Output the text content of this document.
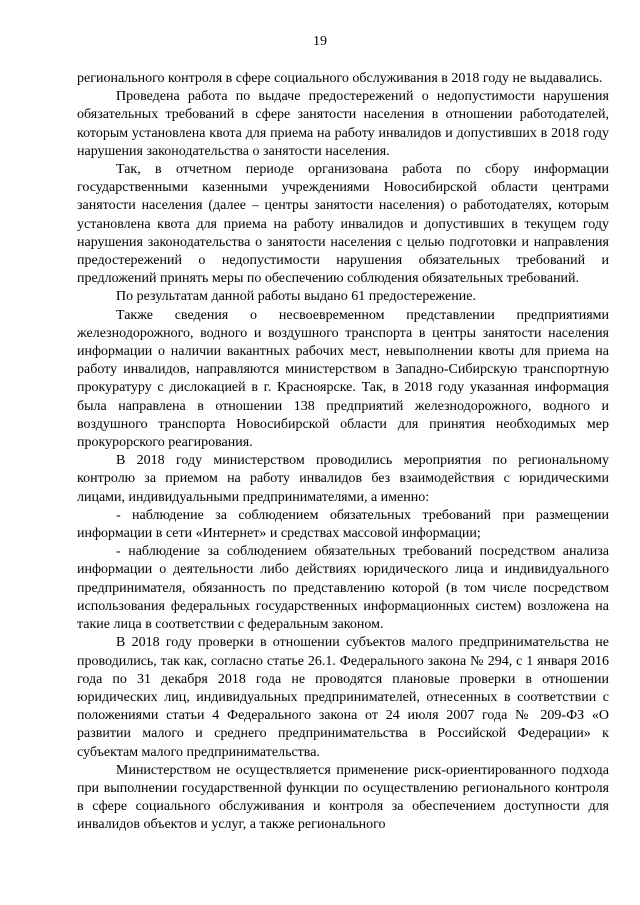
19

регионального контроля в сфере социального обслуживания в 2018 году не выдавались.

Проведена работа по выдаче предостережений о недопустимости нарушения обязательных требований в сфере занятости населения в отношении работодателей, которым установлена квота для приема на работу инвалидов и допустивших в 2018 году нарушения законодательства о занятости населения.

Так, в отчетном периоде организована работа по сбору информации государственными казенными учреждениями Новосибирской области центрами занятости населения (далее – центры занятости населения) о работодателях, которым установлена квота для приема на работу инвалидов и допустивших в текущем году нарушения законодательства о занятости населения с целью подготовки и направления предостережений о недопустимости нарушения обязательных требований и предложений принять меры по обеспечению соблюдения обязательных требований.

По результатам данной работы выдано 61 предостережение.

Также сведения о несвоевременном представлении предприятиями железнодорожного, водного и воздушного транспорта в центры занятости населения информации о наличии вакантных рабочих мест, невыполнении квоты для приема на работу инвалидов, направляются министерством в Западно-Сибирскую транспортную прокуратуру с дислокацией в г. Красноярске. Так, в 2018 году указанная информация была направлена в отношении 138 предприятий железнодорожного, водного и воздушного транспорта Новосибирской области для принятия необходимых мер прокурорского реагирования.

В 2018 году министерством проводились мероприятия по региональному контролю за приемом на работу инвалидов без взаимодействия с юридическими лицами, индивидуальными предпринимателями, а именно:

- наблюдение за соблюдением обязательных требований при размещении информации в сети «Интернет» и средствах массовой информации;

- наблюдение за соблюдением обязательных требований посредством анализа информации о деятельности либо действиях юридического лица и индивидуального предпринимателя, обязанность по представлению которой (в том числе посредством использования федеральных государственных информационных систем) возложена на такие лица в соответствии с федеральным законом.

В 2018 году проверки в отношении субъектов малого предпринимательства не проводились, так как, согласно статье 26.1. Федерального закона № 294, с 1 января 2016 года по 31 декабря 2018 года не проводятся плановые проверки в отношении юридических лиц, индивидуальных предпринимателей, отнесенных в соответствии с положениями статьи 4 Федерального закона от 24 июля 2007 года № 209-ФЗ «О развитии малого и среднего предпринимательства в Российской Федерации» к субъектам малого предпринимательства.

Министерством не осуществляется применение риск-ориентированного подхода при выполнении государственной функции по осуществлению регионального контроля в сфере социального обслуживания и контроля за обеспечением доступности для инвалидов объектов и услуг, а также регионального
